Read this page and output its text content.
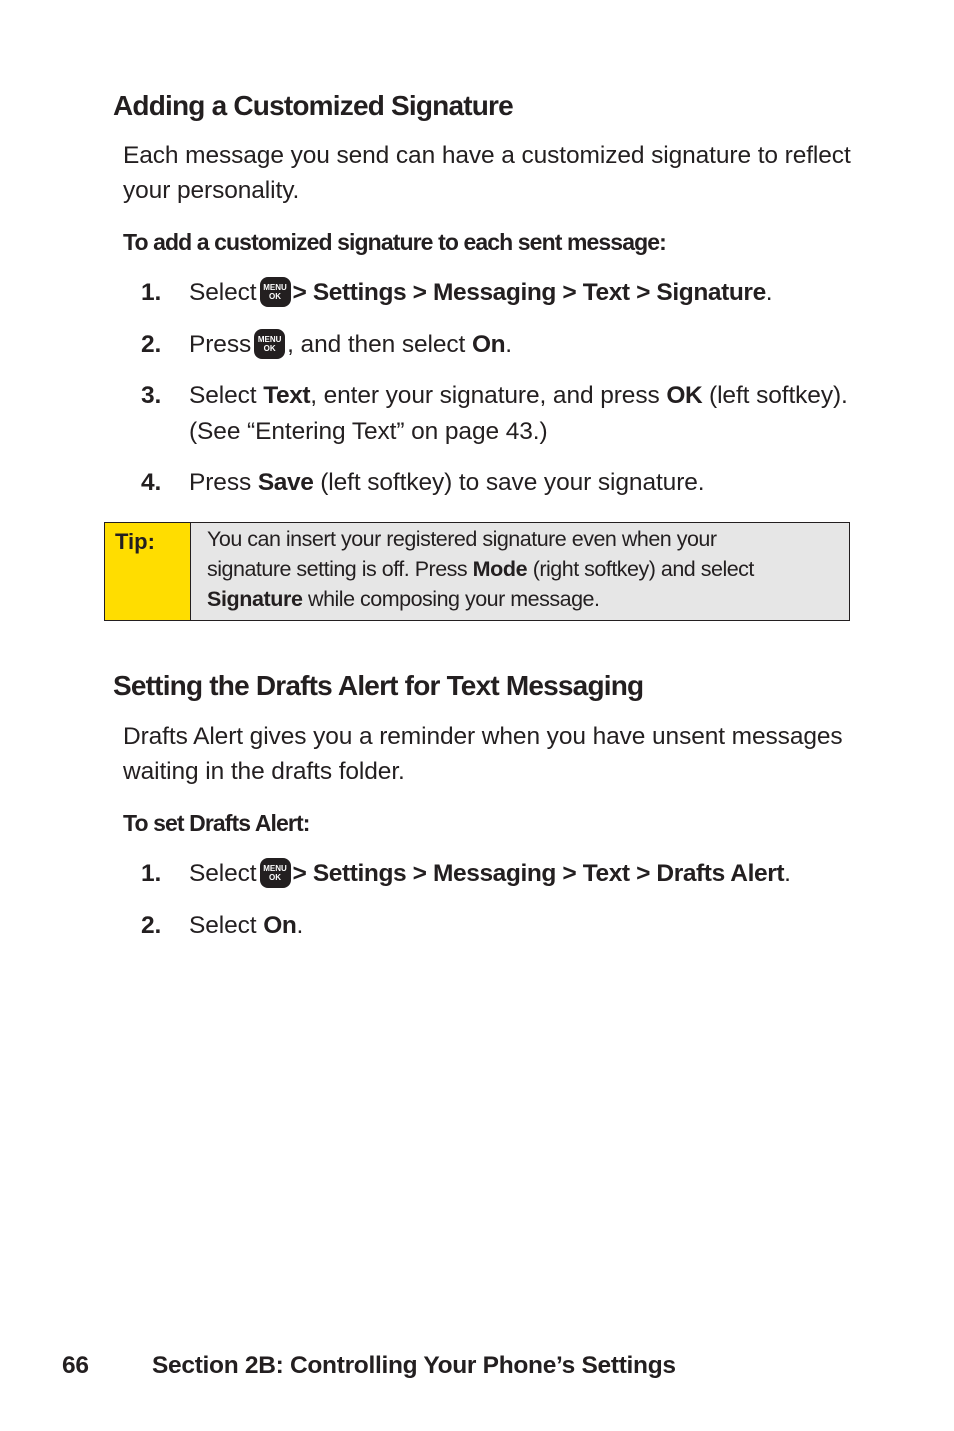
Adding a Customized Signature
Each message you send can have a customized signature to reflect your personality.
To add a customized signature to each sent message:
1. Select MENU
OK > Settings > Messaging > Text > Signature.
2. Press MENU
OK , and then select On.
3. Select Text, enter your signature, and press OK (left softkey). (See “Entering Text” on page 43.)
4. Press Save (left softkey) to save your signature.
Tip:	You can insert your registered signature even when your
signature setting is off. Press Mode (right softkey) and select
Signature while composing your message.
Setting the Drafts Alert for Text Messaging
Drafts Alert gives you a reminder when you have unsent messages waiting in the drafts folder.
To set Drafts Alert:
1. Select MENU
OK > Settings > Messaging > Text > Drafts Alert.
2. Select On.
66	Section 2B: Controlling Your Phone’s Settings
